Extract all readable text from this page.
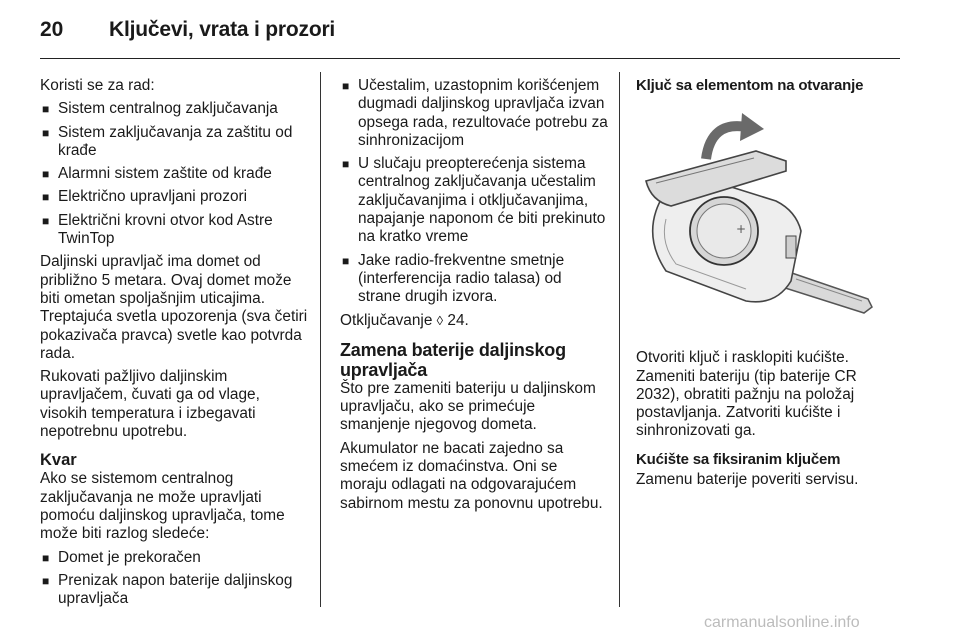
20 Ključevi, vrata i prozori

Koristi se za rad:

■ Sistem centralnog zaključavanja
■ Sistem zaključavanja za zaštitu od krađe
■ Alarmni sistem zaštite od krađe
■ Električno upravljani prozori
■ Električni krovni otvor kod Astre TwinTop

Daljinski upravljač ima domet od približno 5 metara. Ovaj domet može biti ometan spoljašnjim uticajima. Treptajuća svetla upozorenja (sva četiri pokazivača pravca) svetle kao potvrda rada.

Rukovati pažljivo daljinskim upravljačem, čuvati ga od vlage, visokih temperatura i izbegavati nepotrebnu upotrebu.

Kvar

Ako se sistemom centralnog zaključavanja ne može upravljati pomoću daljinskog upravljača, tome može biti razlog sledeće:

■ Domet je prekoračen
■ Prenizak napon baterije daljinskog upravljača
■ Učestalim, uzastopnim korišćenjem dugmadi daljinskog upravljača izvan opsega rada, rezultovaće potrebu za sinhronizacijom
■ U slučaju preopterećenja sistema centralnog zaključavanja učestalim zaključavanjima i otključavanjima, napajanje naponom će biti prekinuto na kratko vreme
■ Jake radio-frekventne smetnje (interferencija radio talasa) od strane drugih izvora.

Otključavanje ◊ 24.

Zamena baterije daljinskog upravljača

Što pre zameniti bateriju u daljinskom upravljaču, ako se primećuje smanjenje njegovog dometa.

Akumulator ne bacati zajedno sa smećem iz domaćinstva. Oni se moraju odlagati na odgovarajućem sabirnom mestu za ponovnu upotrebu.

Ključ sa elementom na otvaranje
+

Otvoriti ključ i rasklopiti kućište. Zameniti bateriju (tip baterije CR 2032), obratiti pažnju na položaj postavljanja. Zatvoriti kućište i sinhronizovati ga.

Kućište sa fiksiranim ključem

Zamenu baterije poveriti servisu.

carmanualsonline.info
